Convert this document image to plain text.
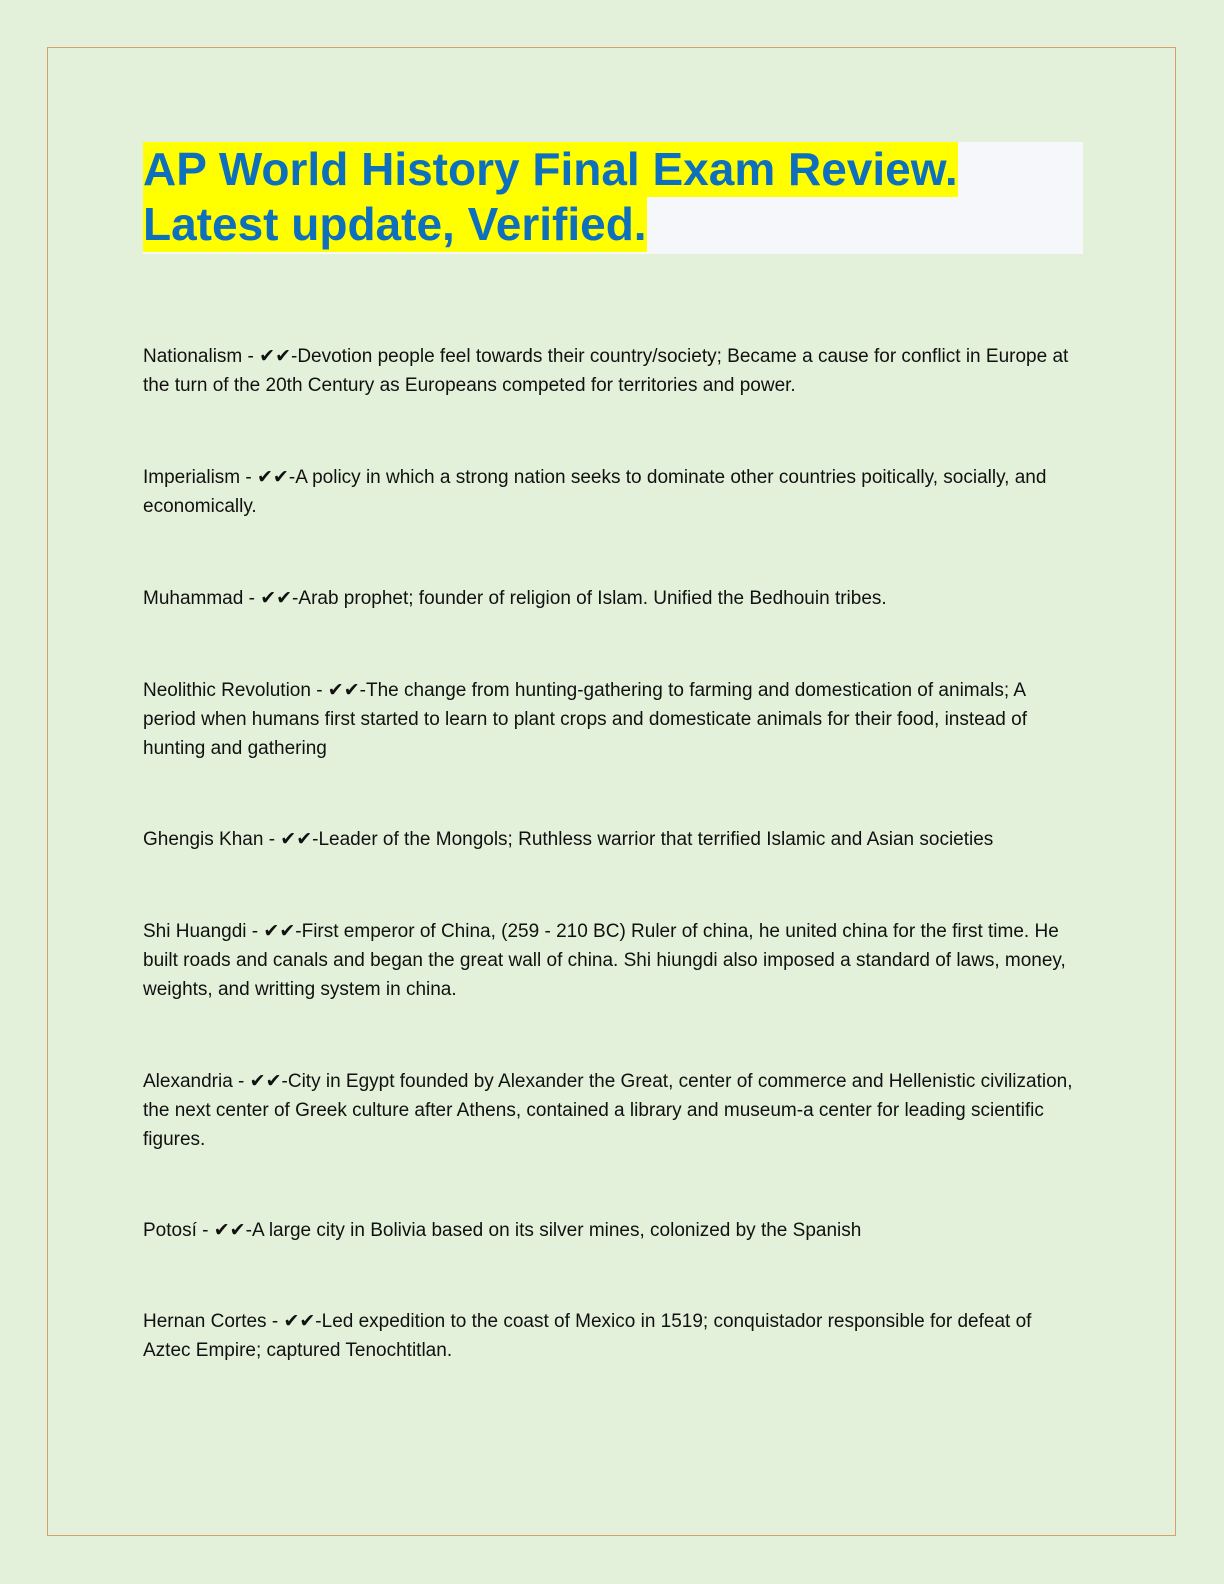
AP World History Final Exam Review.
Latest update, Verified.

Nationalism - ✔✔-Devotion people feel towards their country/society; Became a cause for conflict in Europe at the turn of the 20th Century as Europeans competed for territories and power.

Imperialism - ✔✔-A policy in which a strong nation seeks to dominate other countries poitically, socially, and economically.

Muhammad - ✔✔-Arab prophet; founder of religion of Islam. Unified the Bedhouin tribes.

Neolithic Revolution - ✔✔-The change from hunting-gathering to farming and domestication of animals; A period when humans first started to learn to plant crops and domesticate animals for their food, instead of hunting and gathering

Ghengis Khan - ✔✔-Leader of the Mongols; Ruthless warrior that terrified Islamic and Asian societies

Shi Huangdi - ✔✔-First emperor of China, (259 - 210 BC) Ruler of china, he united china for the first time. He built roads and canals and began the great wall of china. Shi hiungdi also imposed a standard of laws, money, weights, and writting system in china.

Alexandria - ✔✔-City in Egypt founded by Alexander the Great, center of commerce and Hellenistic civilization, the next center of Greek culture after Athens, contained a library and museum-a center for leading scientific figures.

Potosí - ✔✔-A large city in Bolivia based on its silver mines, colonized by the Spanish

Hernan Cortes - ✔✔-Led expedition to the coast of Mexico in 1519; conquistador responsible for defeat of Aztec Empire; captured Tenochtitlan.
